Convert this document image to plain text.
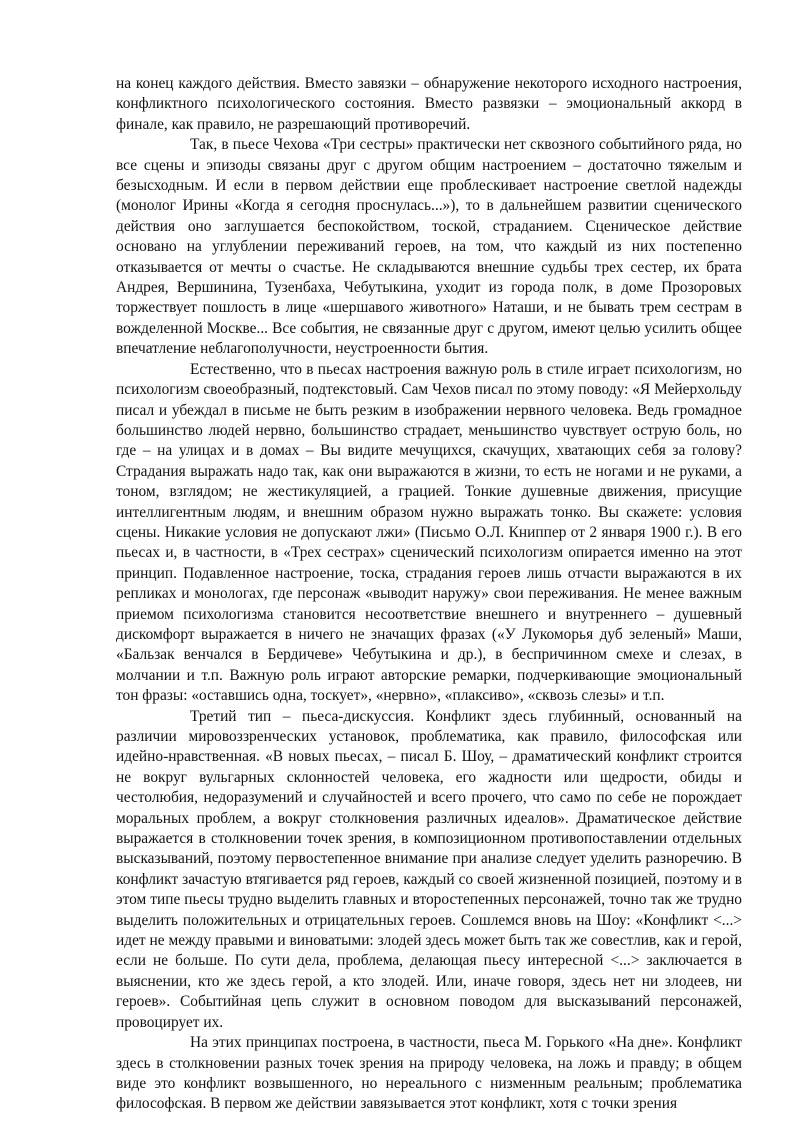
на конец каждого действия. Вместо завязки – обнаружение некоторого исходного настроения, конфликтного психологического состояния. Вместо развязки – эмоциональный аккорд в финале, как правило, не разрешающий противоречий.

Так, в пьесе Чехова «Три сестры» практически нет сквозного событийного ряда, но все сцены и эпизоды связаны друг с другом общим настроением – достаточно тяжелым и безысходным. И если в первом действии еще проблескивает настроение светлой надежды (монолог Ирины «Когда я сегодня проснулась...»), то в дальнейшем развитии сценического действия оно заглушается беспокойством, тоской, страданием. Сценическое действие основано на углублении переживаний героев, на том, что каждый из них постепенно отказывается от мечты о счастье. Не складываются внешние судьбы трех сестер, их брата Андрея, Вершинина, Тузенбаха, Чебутыкина, уходит из города полк, в доме Прозоровых торжествует пошлость в лице «шершавого животного» Наташи, и не бывать трем сестрам в вожделенной Москве... Все события, не связанные друг с другом, имеют целью усилить общее впечатление неблагополучности, неустроенности бытия.

Естественно, что в пьесах настроения важную роль в стиле играет психологизм, но психологизм своеобразный, подтекстовый. Сам Чехов писал по этому поводу: «Я Мейерхольду писал и убеждал в письме не быть резким в изображении нервного человека. Ведь громадное большинство людей нервно, большинство страдает, меньшинство чувствует острую боль, но где – на улицах и в домах – Вы видите мечущихся, скачущих, хватающих себя за голову? Страдания выражать надо так, как они выражаются в жизни, то есть не ногами и не руками, а тоном, взглядом; не жестикуляцией, а грацией. Тонкие душевные движения, присущие интеллигентным людям, и внешним образом нужно выражать тонко. Вы скажете: условия сцены. Никакие условия не допускают лжи» (Письмо О.Л. Книппер от 2 января 1900 г.). В его пьесах и, в частности, в «Трех сестрах» сценический психологизм опирается именно на этот принцип. Подавленное настроение, тоска, страдания героев лишь отчасти выражаются в их репликах и монологах, где персонаж «выводит наружу» свои переживания. Не менее важным приемом психологизма становится несоответствие внешнего и внутреннего – душевный дискомфорт выражается в ничего не значащих фразах («У Лукоморья дуб зеленый» Маши, «Бальзак венчался в Бердичеве» Чебутыкина и др.), в беспричинном смехе и слезах, в молчании и т.п. Важную роль играют авторские ремарки, подчеркивающие эмоциональный тон фразы: «оставшись одна, тоскует», «нервно», «плаксиво», «сквозь слезы» и т.п.

Третий тип – пьеса-дискуссия. Конфликт здесь глубинный, основанный на различии мировоззренческих установок, проблематика, как правило, философская или идейно-нравственная. «В новых пьесах, – писал Б. Шоу, – драматический конфликт строится не вокруг вульгарных склонностей человека, его жадности или щедрости, обиды и честолюбия, недоразумений и случайностей и всего прочего, что само по себе не порождает моральных проблем, а вокруг столкновения различных идеалов». Драматическое действие выражается в столкновении точек зрения, в композиционном противопоставлении отдельных высказываний, поэтому первостепенное внимание при анализе следует уделить разноречию. В конфликт зачастую втягивается ряд героев, каждый со своей жизненной позицией, поэтому и в этом типе пьесы трудно выделить главных и второстепенных персонажей, точно так же трудно выделить положительных и отрицательных героев. Сошлемся вновь на Шоу: «Конфликт <...> идет не между правыми и виноватыми: злодей здесь может быть так же совестлив, как и герой, если не больше. По сути дела, проблема, делающая пьесу интересной <...> заключается в выяснении, кто же здесь герой, а кто злодей. Или, иначе говоря, здесь нет ни злодеев, ни героев». Событийная цепь служит в основном поводом для высказываний персонажей, провоцирует их.

На этих принципах построена, в частности, пьеса М. Горького «На дне». Конфликт здесь в столкновении разных точек зрения на природу человека, на ложь и правду; в общем виде это конфликт возвышенного, но нереального с низменным реальным; проблематика философская. В первом же действии завязывается этот конфликт, хотя с точки зрения
